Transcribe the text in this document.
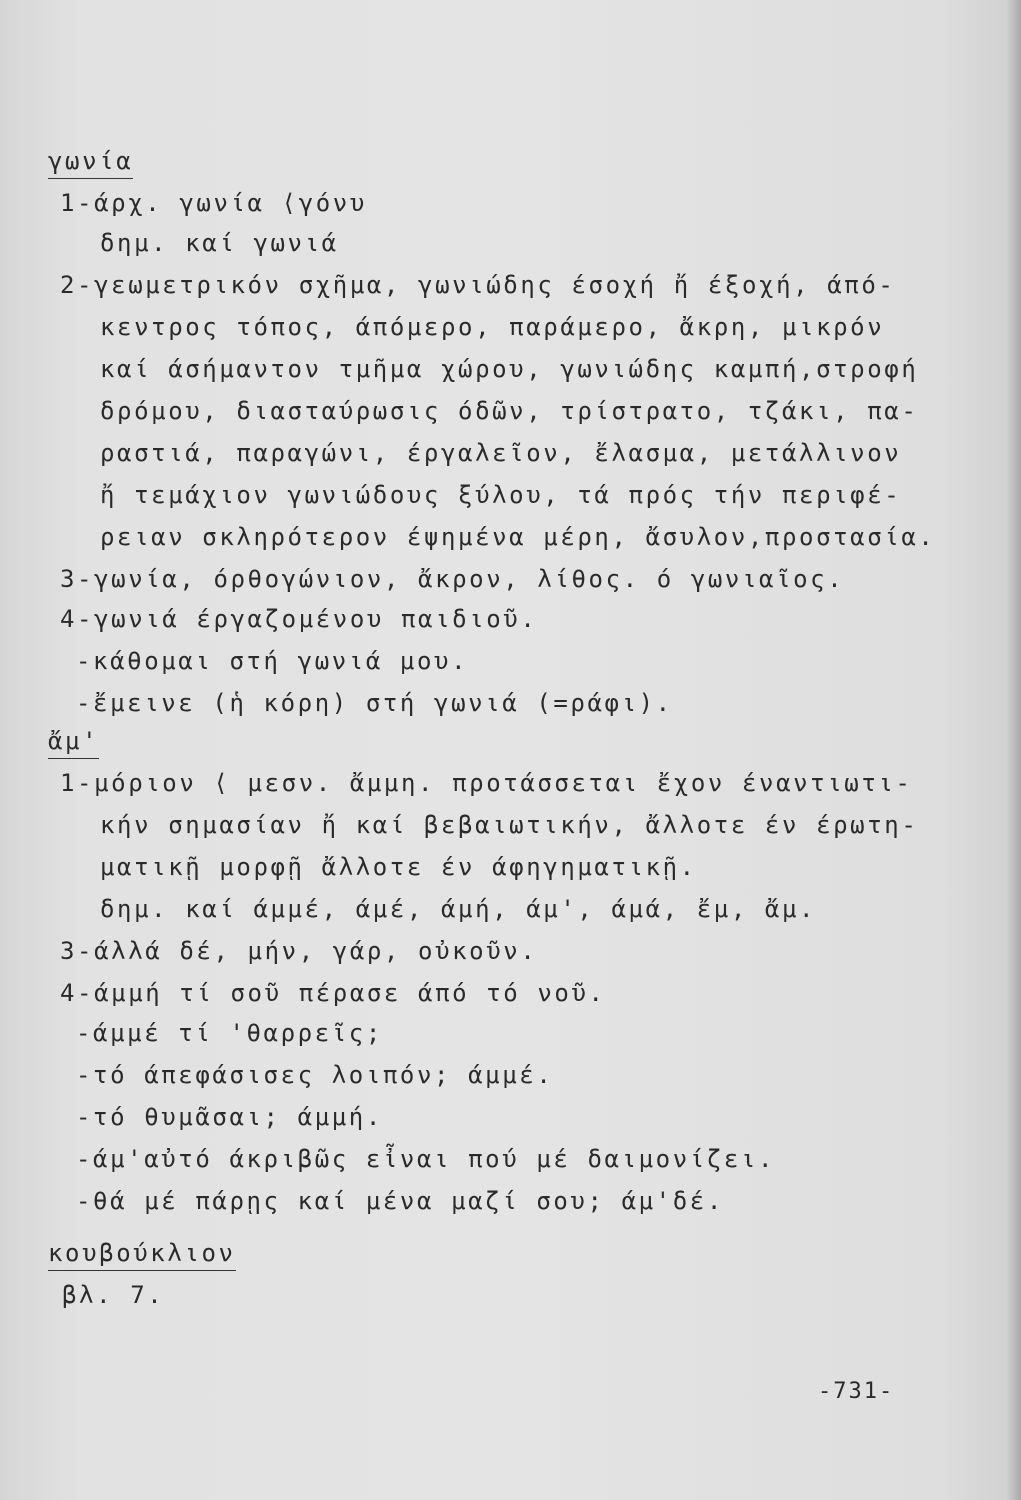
γωνία
1-άρχ. γωνία ⟨γόνυ
δημ. καί γωνιά
2-γεωμετρικόν σχῆμα, γωνιώδης έσοχή ἤ έξοχή, άπό-
κεντρος τόπος, άπόμερο, παράμερο, ἄκρη, μικρόν
καί άσήμαντον τμῆμα χώρου, γωνιώδης καμπή,στροφή
δρόμου, διασταύρωσις όδῶν, τρίστρατο, τζάκι, πα-
ραστιά, παραγώνι, έργαλεῖον, ἔλασμα, μετάλλινον
ἤ τεμάχιον γωνιώδους ξύλου, τά πρός τήν περιφέ-
ρειαν σκληρότερον έψημένα μέρη, ἄσυλον,προστασία.
3-γωνία, όρθογώνιον, ἄκρον, λίθος. ό γωνιαῖος.
4-γωνιά έργαζομένου παιδιοῦ.
-κάθομαι στή γωνιά μου.
-ἔμεινε (ἡ κόρη) στή γωνιά (=ράφι).
ἄμ'
1-μόριον ⟨ μεσν. ἄμμη. προτάσσεται ἔχον έναντιωτι-
κήν σημασίαν ἤ καί βεβαιωτικήν, ἄλλοτε έν έρωτη-
ματικῇ μορφῇ ἄλλοτε έν άφηγηματικῇ.
δημ. καί άμμέ, άμέ, άμή, άμ', άμά, ἔμ, ἄμ.
3-άλλά δέ, μήν, γάρ, οὐκοῦν.
4-άμμή τί σοῦ πέρασε άπό τό νοῦ.
-άμμέ τί 'θαρρεῖς;
-τό άπεφάσισες λοιπόν; άμμέ.
-τό θυμᾶσαι; άμμή.
-άμ'αὐτό άκριβῶς εἶναι πού μέ δαιμονίζει.
-θά μέ πάρῃς καί μένα μαζί σου; άμ'δέ.
κουβούκλιον
βλ. 7.
-731-
